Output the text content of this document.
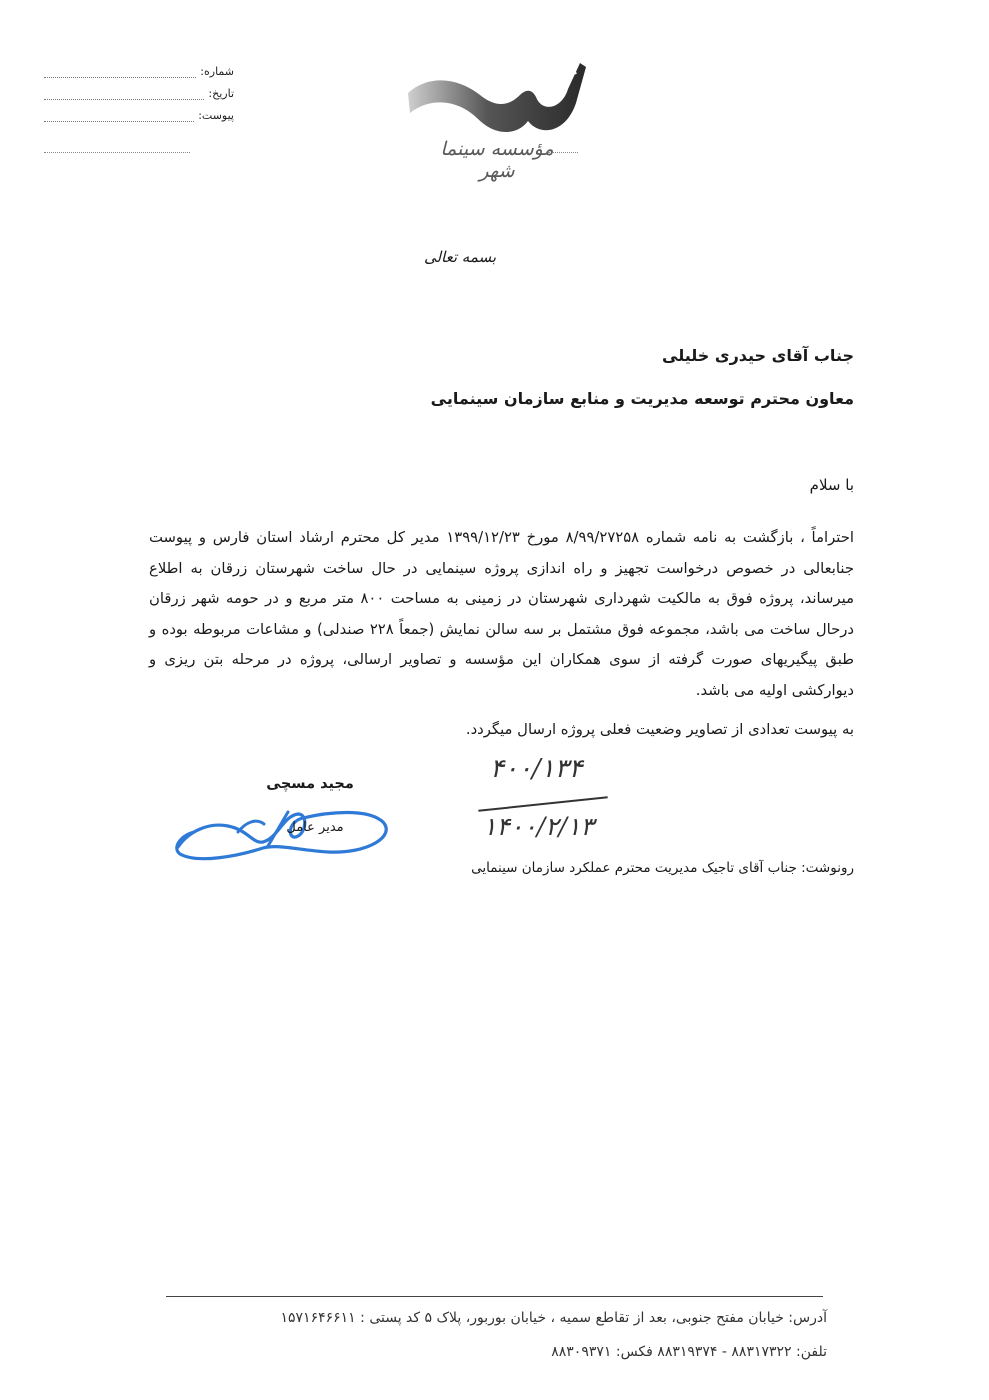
شماره:
تاریخ:
پیوست:
مؤسسه سینما شهر
بسمه تعالی
جناب آقای حیدری خلیلی
معاون محترم توسعه مدیریت و منابع سازمان سینمایی
با سلام
احتراماً ، بازگشت به نامه شماره ۸/۹۹/۲۷۲۵۸ مورخ ۱۳۹۹/۱۲/۲۳ مدیر کل محترم ارشاد استان فارس و پیوست جنابعالی در خصوص درخواست تجهیز و راه اندازی پروژه سینمایی در حال ساخت شهرستان زرقان به اطلاع میرساند، پروژه فوق به مالکیت شهرداری شهرستان در زمینی به مساحت ۸۰۰ متر مربع و در حومه شهر زرقان درحال ساخت می باشد، مجموعه فوق مشتمل بر سه سالن نمایش (جمعاً ۲۲۸ صندلی) و مشاعات مربوطه بوده و طبق پیگیریهای صورت گرفته از سوی همکاران این مؤسسه و تصاویر ارسالی، پروژه در مرحله بتن ریزی و دیوارکشی اولیه می باشد.
به پیوست تعدادی از تصاویر وضعیت فعلی پروژه ارسال میگردد.
مجید مسچی
مدیر عامل
۴۰۰/۱۳۴
۱۴۰۰/۲/۱۳
رونوشت: جناب آقای تاجیک مدیریت محترم عملکرد سازمان سینمایی
آدرس: خیابان مفتح جنوبی، بعد از تقاطع سمیه ، خیابان بوربور، پلاک ۵ کد پستی : ۱۵۷۱۶۴۶۶۱۱
تلفن: ۸۸۳۱۷۳۲۲ - ۸۸۳۱۹۳۷۴ فکس: ۸۸۳۰۹۳۷۱
